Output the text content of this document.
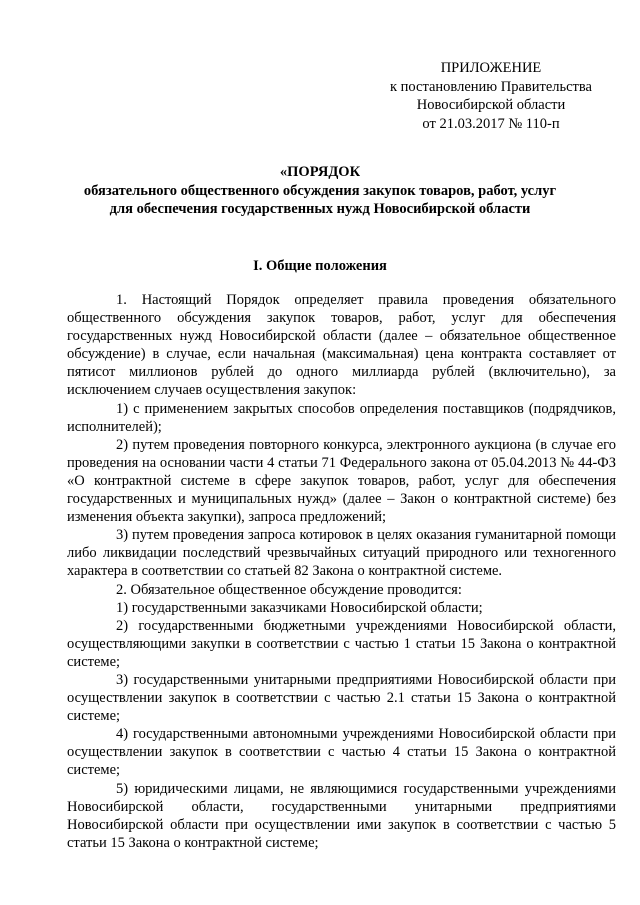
ПРИЛОЖЕНИЕ
к постановлению Правительства
Новосибирской области
от 21.03.2017 № 110-п
«ПОРЯДОК
обязательного общественного обсуждения закупок товаров, работ, услуг
для обеспечения государственных нужд Новосибирской области
I. Общие положения

1. Настоящий Порядок определяет правила проведения обязательного общественного обсуждения закупок товаров, работ, услуг для обеспечения государственных нужд Новосибирской области (далее – обязательное общественное обсуждение) в случае, если начальная (максимальная) цена контракта составляет от пятисот миллионов рублей до одного миллиарда рублей (включительно), за исключением случаев осуществления закупок:

1) с применением закрытых способов определения поставщиков (подрядчиков, исполнителей);

2) путем проведения повторного конкурса, электронного аукциона (в случае его проведения на основании части 4 статьи 71 Федерального закона от 05.04.2013 № 44-ФЗ «О контрактной системе в сфере закупок товаров, работ, услуг для обеспечения государственных и муниципальных нужд» (далее – Закон о контрактной системе) без изменения объекта закупки), запроса предложений;

3) путем проведения запроса котировок в целях оказания гуманитарной помощи либо ликвидации последствий чрезвычайных ситуаций природного или техногенного характера в соответствии со статьей 82 Закона о контрактной системе.

2. Обязательное общественное обсуждение проводится:

1) государственными заказчиками Новосибирской области;

2) государственными бюджетными учреждениями Новосибирской области, осуществляющими закупки в соответствии с частью 1 статьи 15 Закона о контрактной системе;

3) государственными унитарными предприятиями Новосибирской области при осуществлении закупок в соответствии с частью 2.1 статьи 15 Закона о контрактной системе;

4) государственными автономными учреждениями Новосибирской области при осуществлении закупок в соответствии с частью 4 статьи 15 Закона о контрактной системе;

5) юридическими лицами, не являющимися государственными учреждениями Новосибирской области, государственными унитарными предприятиями Новосибирской области при осуществлении ими закупок в соответствии с частью 5 статьи 15 Закона о контрактной системе;
